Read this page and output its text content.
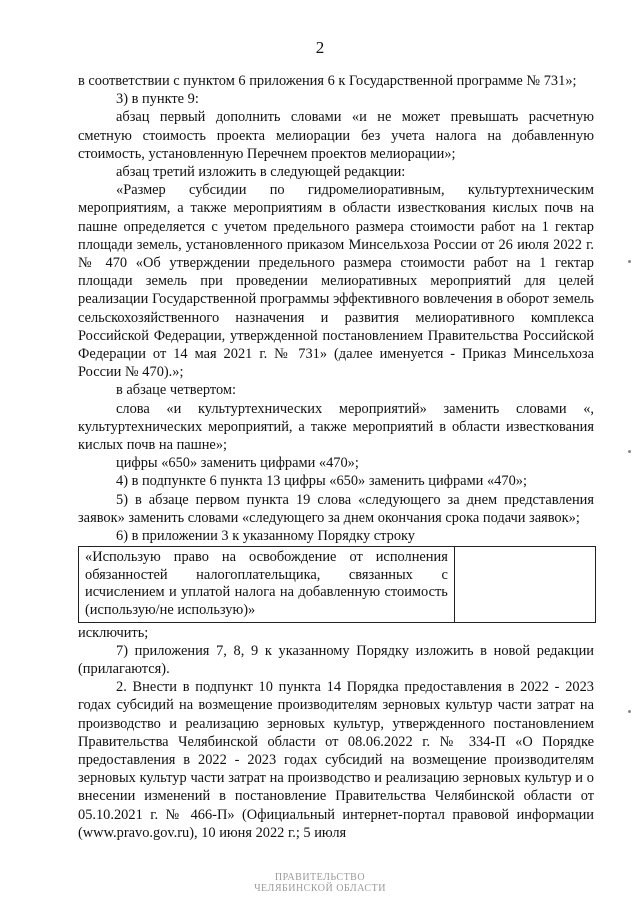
2

в соответствии с пунктом 6 приложения 6 к Государственной программе № 731»;

3) в пункте 9:

абзац первый дополнить словами «и не может превышать расчетную сметную стоимость проекта мелиорации без учета налога на добавленную стоимость, установленную Перечнем проектов мелиорации»;

абзац третий изложить в следующей редакции:

«Размер субсидии по гидромелиоративным, культуртехническим мероприятиям, а также мероприятиям в области известкования кислых почв на пашне определяется с учетом предельного размера стоимости работ на 1 гектар площади земель, установленного приказом Минсельхоза России от 26 июля 2022 г. № 470 «Об утверждении предельного размера стоимости работ на 1 гектар площади земель при проведении мелиоративных мероприятий для целей реализации Государственной программы эффективного вовлечения в оборот земель сельскохозяйственного назначения и развития мелиоративного комплекса Российской Федерации, утвержденной постановлением Правительства Российской Федерации от 14 мая 2021 г. № 731» (далее именуется - Приказ Минсельхоза России № 470).»;

в абзаце четвертом:

слова «и культуртехнических мероприятий» заменить словами «, культуртехнических мероприятий, а также мероприятий в области известкования кислых почв на пашне»;

цифры «650» заменить цифрами «470»;

4) в подпункте 6 пункта 13 цифры «650» заменить цифрами «470»;

5) в абзаце первом пункта 19 слова «следующего за днем представления заявок» заменить словами «следующего за днем окончания срока подачи заявок»;

6) в приложении 3 к указанному Порядку строку

«Использую право на освобождение от исполнения обязанностей налогоплательщика, связанных с исчислением и уплатой налога на добавленную стоимость (использую/не использую)»	

исключить;

7) приложения 7, 8, 9 к указанному Порядку изложить в новой редакции (прилагаются).

2. Внести в подпункт 10 пункта 14 Порядка предоставления в 2022 - 2023 годах субсидий на возмещение производителям зерновых культур части затрат на производство и реализацию зерновых культур, утвержденного постановлением Правительства Челябинской области от 08.06.2022 г. № 334-П «О Порядке предоставления в 2022 - 2023 годах субсидий на возмещение производителям зерновых культур части затрат на производство и реализацию зерновых культур и о внесении изменений в постановление Правительства Челябинской области от 05.10.2021 г. № 466-П» (Официальный интернет-портал правовой информации (www.pravo.gov.ru), 10 июня 2022 г.; 5 июля

ПРАВИТЕЛЬСТВО
ЧЕЛЯБИНСКОЙ ОБЛАСТИ
